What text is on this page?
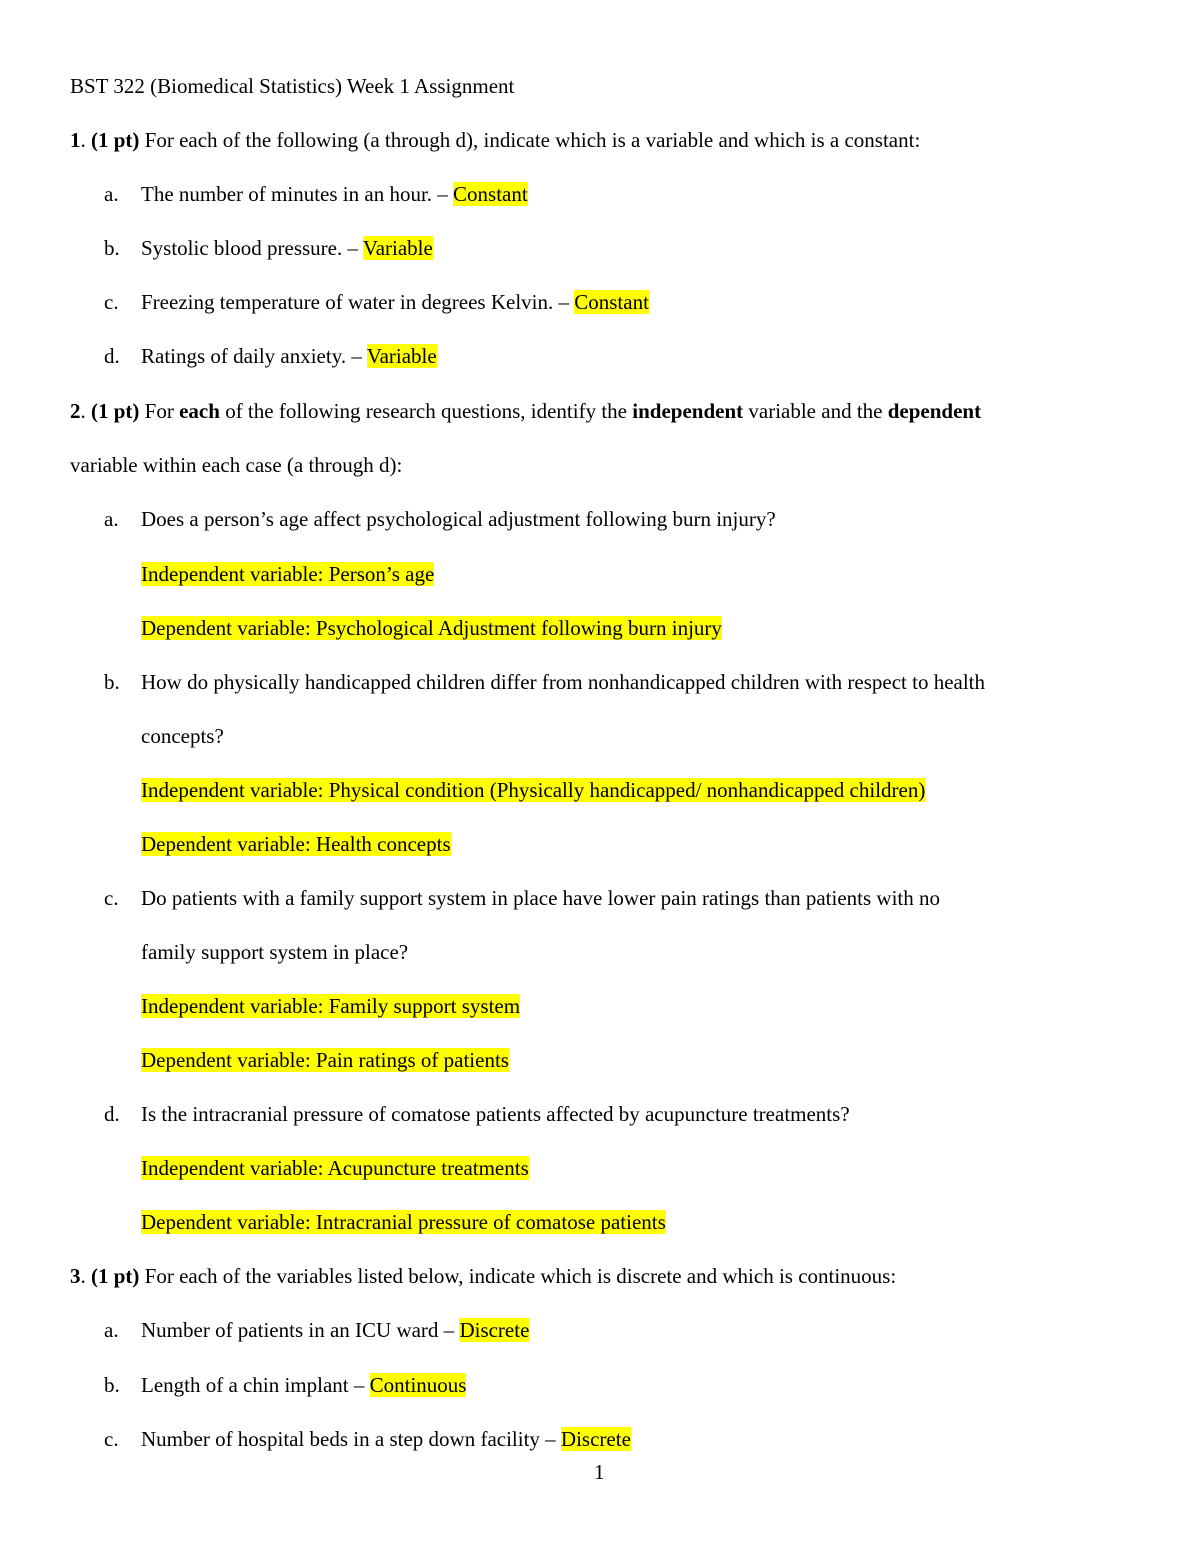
BST 322 (Biomedical Statistics) Week 1 Assignment
1. (1 pt) For each of the following (a through d), indicate which is a variable and which is a constant:
a. The number of minutes in an hour. – Constant
b. Systolic blood pressure. – Variable
c. Freezing temperature of water in degrees Kelvin. – Constant
d. Ratings of daily anxiety. – Variable
2. (1 pt) For each of the following research questions, identify the independent variable and the dependent
variable within each case (a through d):
a. Does a person’s age affect psychological adjustment following burn injury?
Independent variable: Person’s age
Dependent variable: Psychological Adjustment following burn injury
b. How do physically handicapped children differ from nonhandicapped children with respect to health
concepts?
Independent variable: Physical condition (Physically handicapped/ nonhandicapped children)
Dependent variable: Health concepts
c. Do patients with a family support system in place have lower pain ratings than patients with no
family support system in place?
Independent variable: Family support system
Dependent variable: Pain ratings of patients
d. Is the intracranial pressure of comatose patients affected by acupuncture treatments?
Independent variable: Acupuncture treatments
Dependent variable: Intracranial pressure of comatose patients
3. (1 pt) For each of the variables listed below, indicate which is discrete and which is continuous:
a. Number of patients in an ICU ward – Discrete
b. Length of a chin implant – Continuous
c. Number of hospital beds in a step down facility – Discrete
1
